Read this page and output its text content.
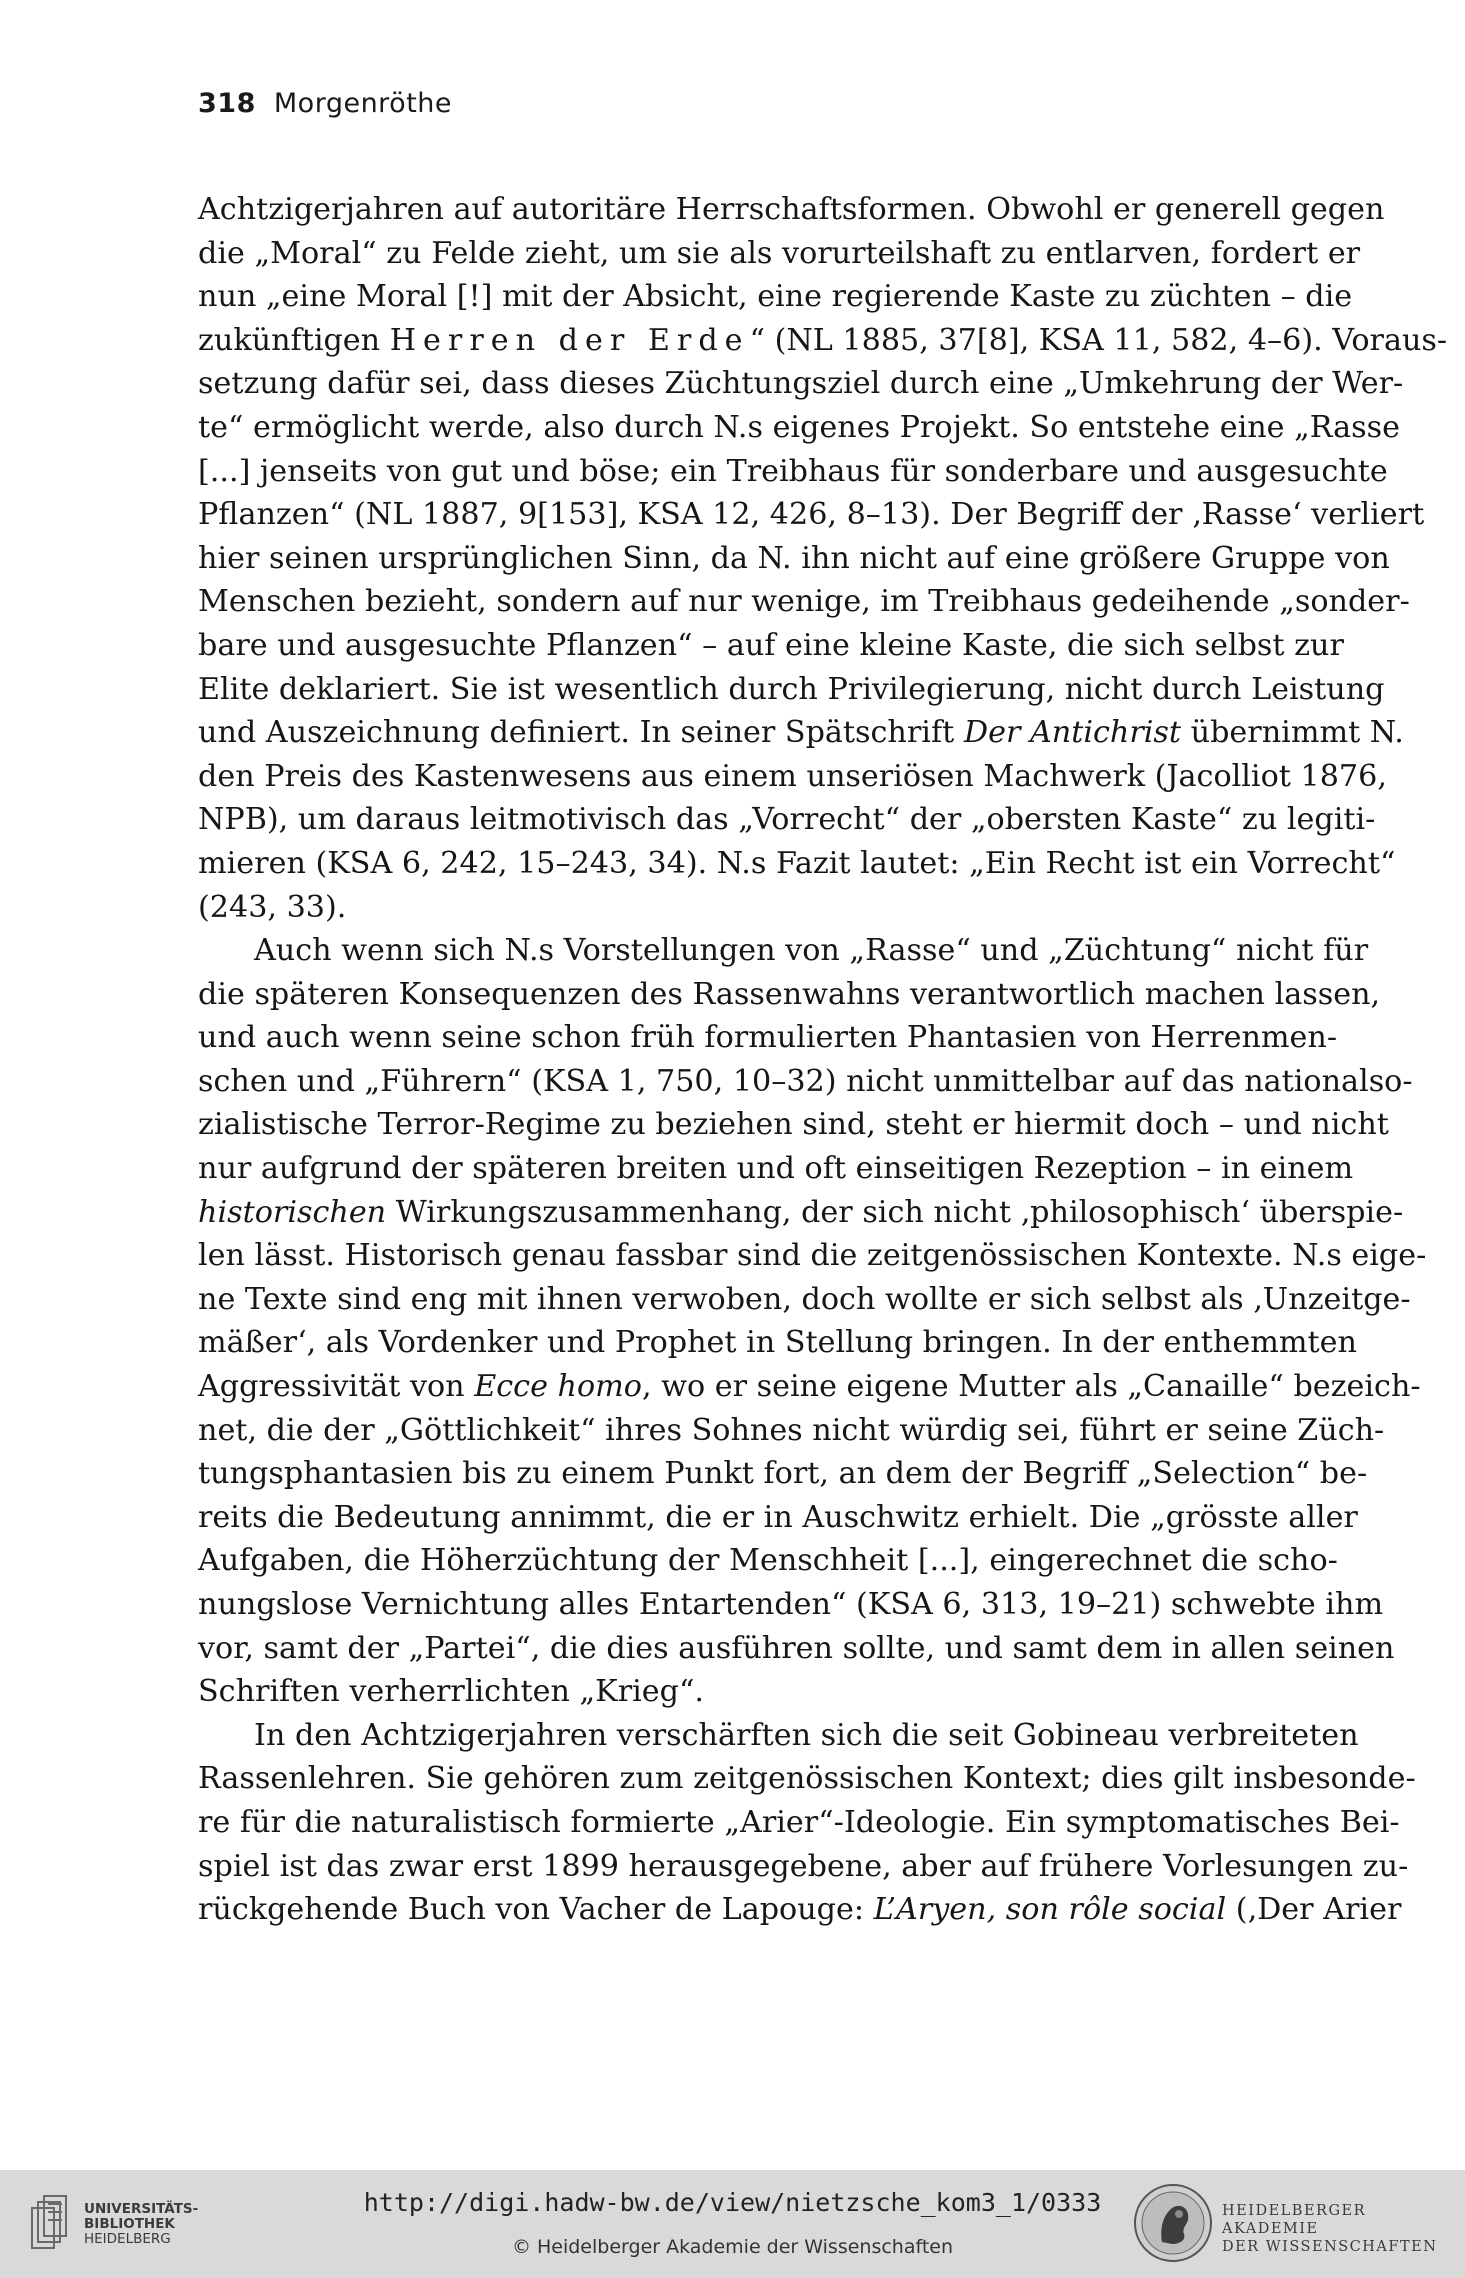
318 Morgenröthe
Achtzigerjahren auf autoritäre Herrschaftsformen. Obwohl er generell gegen
die „Moral“ zu Felde zieht, um sie als vorurteilshaft zu entlarven, fordert er
nun „eine Moral [!] mit der Absicht, eine regierende Kaste zu züchten – die
zukünftigen Herren der Erde“ (NL 1885, 37[8], KSA 11, 582, 4–6). Voraus-
setzung dafür sei, dass dieses Züchtungsziel durch eine „Umkehrung der Wer-
te“ ermöglicht werde, also durch N.s eigenes Projekt. So entstehe eine „Rasse
[...] jenseits von gut und böse; ein Treibhaus für sonderbare und ausgesuchte
Pflanzen“ (NL 1887, 9[153], KSA 12, 426, 8–13). Der Begriff der ‚Rasse‘ verliert
hier seinen ursprünglichen Sinn, da N. ihn nicht auf eine größere Gruppe von
Menschen bezieht, sondern auf nur wenige, im Treibhaus gedeihende „sonder-
bare und ausgesuchte Pflanzen“ – auf eine kleine Kaste, die sich selbst zur
Elite deklariert. Sie ist wesentlich durch Privilegierung, nicht durch Leistung
und Auszeichnung definiert. In seiner Spätschrift Der Antichrist übernimmt N.
den Preis des Kastenwesens aus einem unseriösen Machwerk (Jacolliot 1876,
NPB), um daraus leitmotivisch das „Vorrecht“ der „obersten Kaste“ zu legiti-
mieren (KSA 6, 242, 15–243, 34). N.s Fazit lautet: „Ein Recht ist ein Vorrecht“
(243, 33).
Auch wenn sich N.s Vorstellungen von „Rasse“ und „Züchtung“ nicht für
die späteren Konsequenzen des Rassenwahns verantwortlich machen lassen,
und auch wenn seine schon früh formulierten Phantasien von Herrenmen-
schen und „Führern“ (KSA 1, 750, 10–32) nicht unmittelbar auf das nationalso-
zialistische Terror-Regime zu beziehen sind, steht er hiermit doch – und nicht
nur aufgrund der späteren breiten und oft einseitigen Rezeption – in einem
historischen Wirkungszusammenhang, der sich nicht ‚philosophisch‘ überspie-
len lässt. Historisch genau fassbar sind die zeitgenössischen Kontexte. N.s eige-
ne Texte sind eng mit ihnen verwoben, doch wollte er sich selbst als ‚Unzeitge-
mäßer‘, als Vordenker und Prophet in Stellung bringen. In der enthemmten
Aggressivität von Ecce homo, wo er seine eigene Mutter als „Canaille“ bezeich-
net, die der „Göttlichkeit“ ihres Sohnes nicht würdig sei, führt er seine Züch-
tungsphantasien bis zu einem Punkt fort, an dem der Begriff „Selection“ be-
reits die Bedeutung annimmt, die er in Auschwitz erhielt. Die „grösste aller
Aufgaben, die Höherzüchtung der Menschheit [...], eingerechnet die scho-
nungslose Vernichtung alles Entartenden“ (KSA 6, 313, 19–21) schwebte ihm
vor, samt der „Partei“, die dies ausführen sollte, und samt dem in allen seinen
Schriften verherrlichten „Krieg“.
In den Achtzigerjahren verschärften sich die seit Gobineau verbreiteten
Rassenlehren. Sie gehören zum zeitgenössischen Kontext; dies gilt insbesonde-
re für die naturalistisch formierte „Arier“-Ideologie. Ein symptomatisches Bei-
spiel ist das zwar erst 1899 herausgegebene, aber auf frühere Vorlesungen zu-
rückgehende Buch von Vacher de Lapouge: L’Aryen, son rôle social (‚Der Arier
UNIVERSITÄTS-
BIBLIOTHEK
HEIDELBERG
http://digi.hadw-bw.de/view/nietzsche_kom3_1/0333
© Heidelberger Akademie der Wissenschaften
HEIDELBERGER AKADEMIE
DER WISSENSCHAFTEN
